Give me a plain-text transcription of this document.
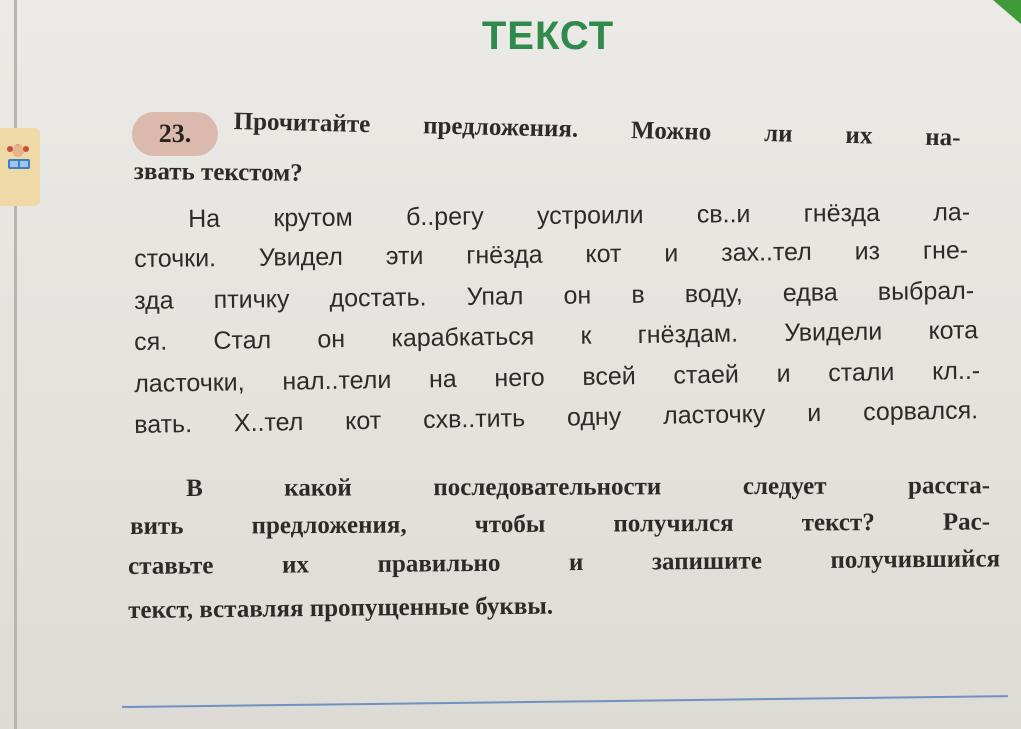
ТЕКСТ
23.	Прочитайте предложения. Можно ли их на-
звать текстом?
На крутом б..регу устроили св..и гнёзда ла-
сточки. Увидел эти гнёзда кот и зах..тел из гне-
зда птичку достать. Упал он в воду, едва выбрал-
ся. Стал он карабкаться к гнёздам. Увидели кота
ласточки, нал..тели на него всей стаей и стали кл..-
вать. Х..тел кот схв..тить одну ласточку и сорвался.
В какой последовательности следует расста-
вить предложения, чтобы получился текст? Рас-
ставьте их правильно и запишите получившийся
текст, вставляя пропущенные буквы.
